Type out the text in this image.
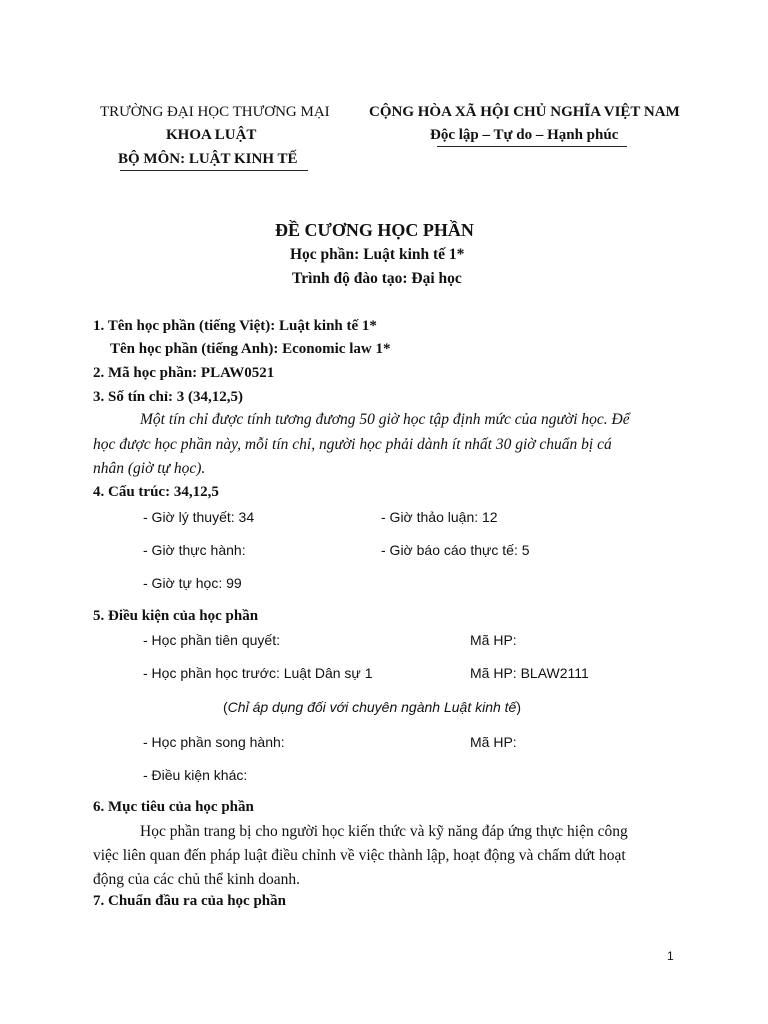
TRƯỜNG ĐẠI HỌC THƯƠNG MẠI
KHOA LUẬT
BỘ MÔN: LUẬT KINH TẾ
CỘNG HÒA XÃ HỘI CHỦ NGHĨA VIỆT NAM
Độc lập – Tự do – Hạnh phúc
ĐỀ CƯƠNG HỌC PHẦN
Học phần: Luật kinh tế 1*
Trình độ đào tạo: Đại học
1. Tên học phần (tiếng Việt): Luật kinh tế 1*
Tên học phần (tiếng Anh): Economic law 1*
2. Mã học phần: PLAW0521
3. Số tín chỉ: 3 (34,12,5)
Một tín chỉ được tính tương đương 50 giờ học tập định mức của người học. Để
học được học phần này, mỗi tín chỉ, người học phải dành ít nhất 30 giờ chuẩn bị cá
nhân (giờ tự học).
4. Cấu trúc: 34,12,5
- Giờ lý thuyết: 34	- Giờ thảo luận: 12
- Giờ thực hành:	- Giờ báo cáo thực tế: 5
- Giờ tự học: 99
5. Điều kiện của học phần
- Học phần tiên quyết:	Mã HP:
- Học phần học trước: Luật Dân sự 1	Mã HP: BLAW2111
(Chỉ áp dụng đối với chuyên ngành Luật kinh tế)
- Học phần song hành:	Mã HP:
- Điều kiện khác:
6. Mục tiêu của học phần
Học phần trang bị cho người học kiến thức và kỹ năng đáp ứng thực hiện công
việc liên quan đến pháp luật điều chỉnh về việc thành lập, hoạt động và chấm dứt hoạt
động của các chủ thể kinh doanh.
7. Chuẩn đầu ra của học phần
1
